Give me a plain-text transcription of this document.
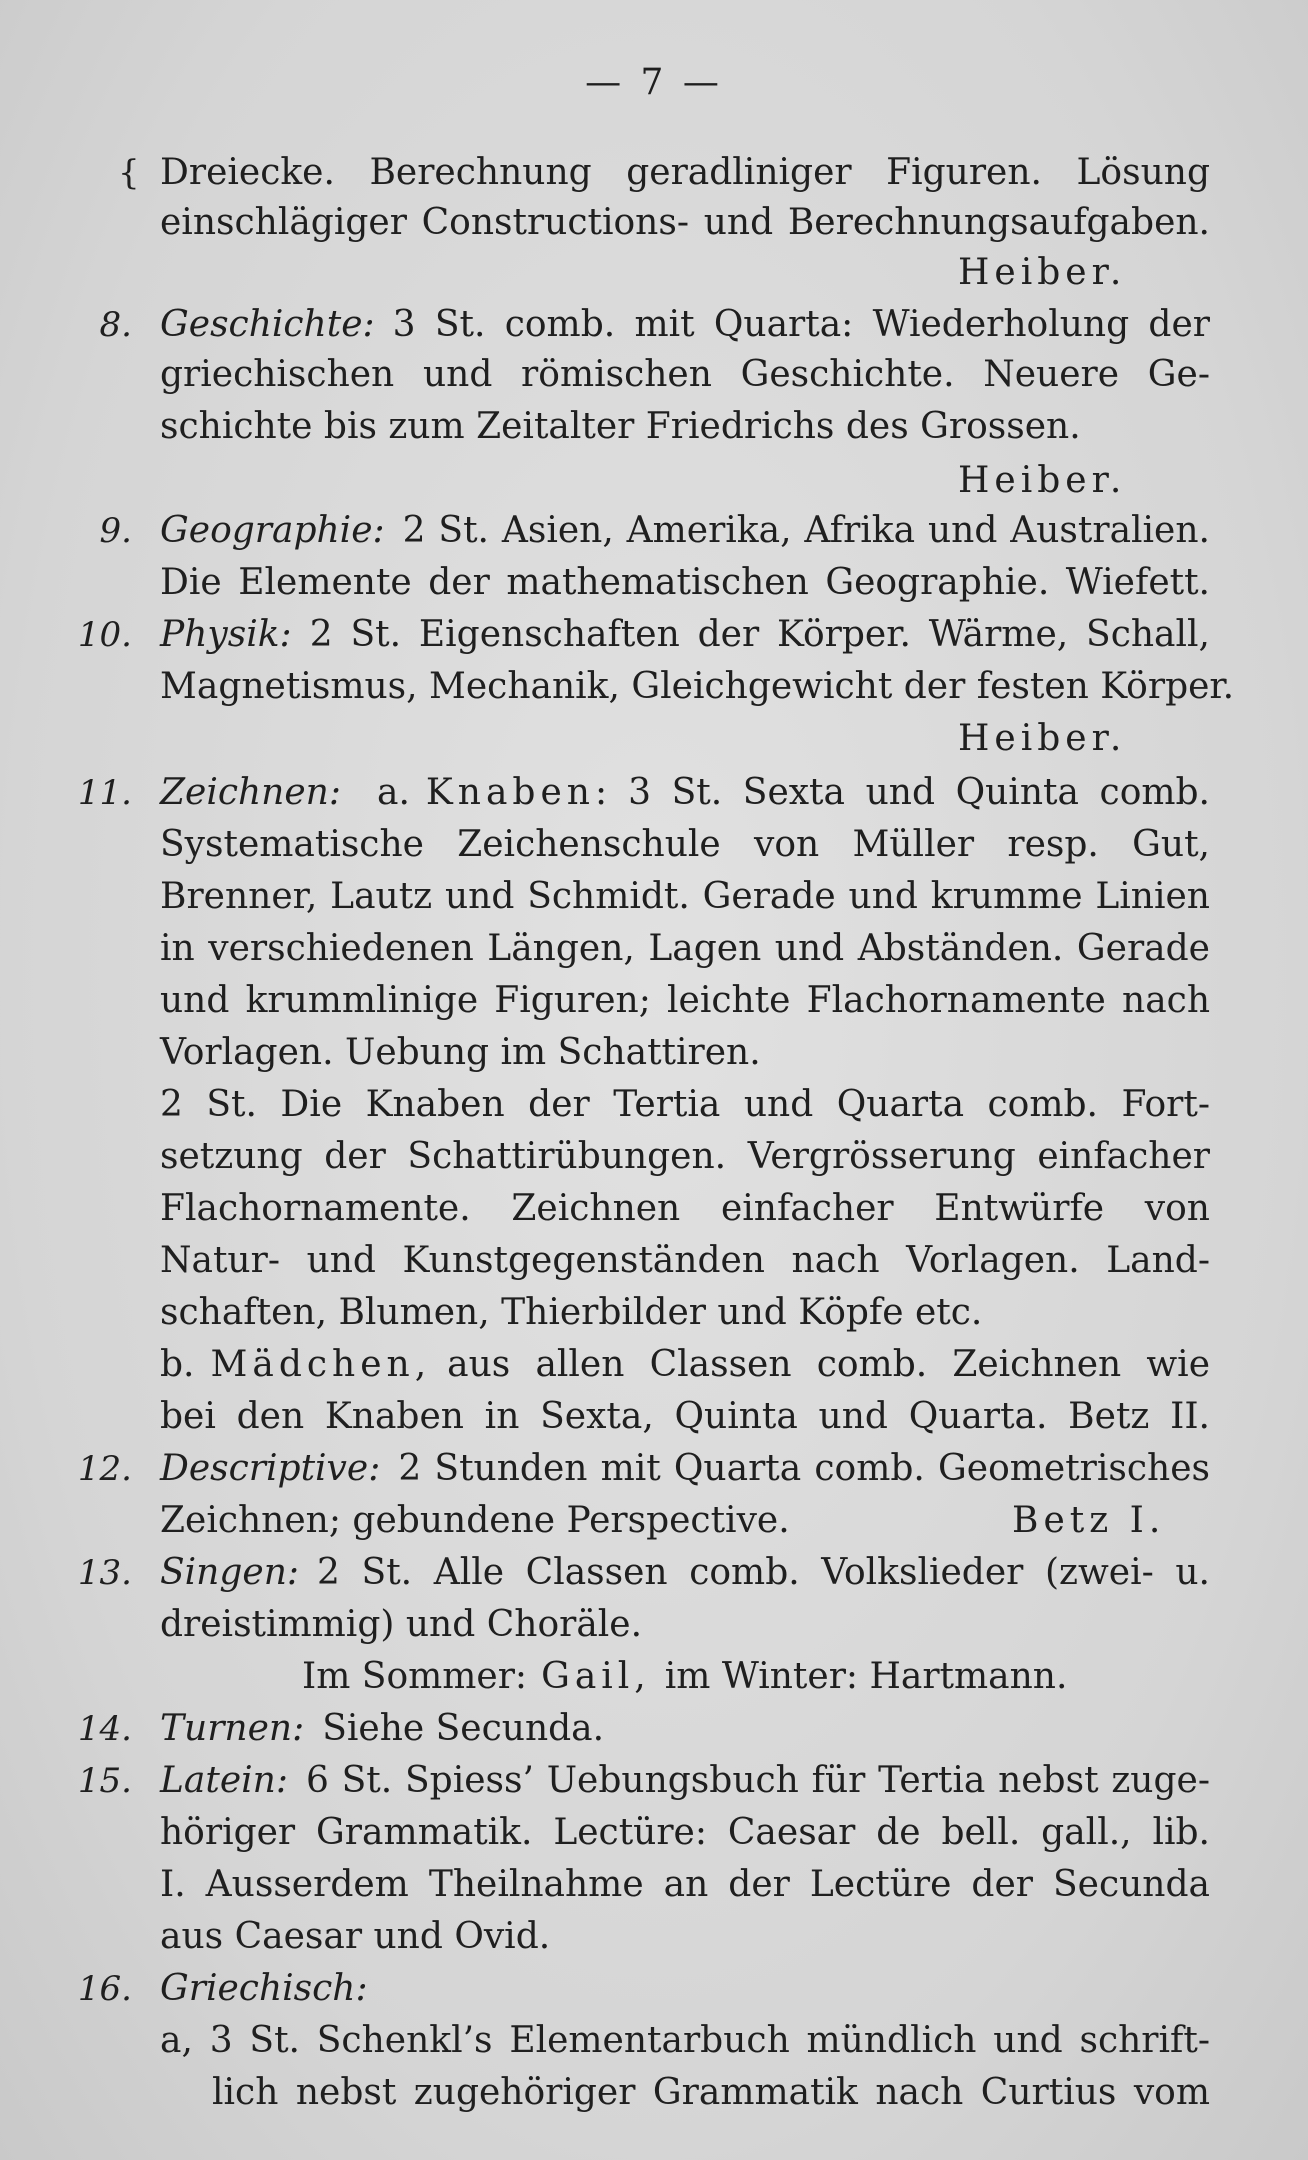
— 7 —
{ Dreiecke. Berechnung geradliniger Figuren. Lösung
einschlägiger Constructions- und Berechnungsaufgaben.
Heiber.
8. Geschichte: 3 St. comb. mit Quarta: Wiederholung der
griechischen und römischen Geschichte. Neuere Ge-
schichte bis zum Zeitalter Friedrichs des Grossen.
Heiber.
9. Geographie: 2 St. Asien, Amerika, Afrika und Australien.
Die Elemente der mathematischen Geographie. Wiefett.
10. Physik: 2 St. Eigenschaften der Körper. Wärme, Schall,
Magnetismus, Mechanik, Gleichgewicht der festen Körper.
Heiber.
11. Zeichnen: a. Knaben: 3 St. Sexta und Quinta comb.
Systematische Zeichenschule von Müller resp. Gut,
Brenner, Lautz und Schmidt. Gerade und krumme Linien
in verschiedenen Längen, Lagen und Abständen. Gerade
und krummlinige Figuren; leichte Flachornamente nach
Vorlagen. Uebung im Schattiren.
2 St. Die Knaben der Tertia und Quarta comb. Fort-
setzung der Schattirübungen. Vergrösserung einfacher
Flachornamente. Zeichnen einfacher Entwürfe von
Natur- und Kunstgegenständen nach Vorlagen. Land-
schaften, Blumen, Thierbilder und Köpfe etc.
b. Mädchen, aus allen Classen comb. Zeichnen wie
bei den Knaben in Sexta, Quinta und Quarta. Betz II.
12. Descriptive: 2 Stunden mit Quarta comb. Geometrisches
Zeichnen; gebundene Perspective.	Betz I.
13. Singen: 2 St. Alle Classen comb. Volkslieder (zwei- u.
dreistimmig) und Choräle.
Im Sommer: Gail, im Winter: Hartmann.
14. Turnen: Siehe Secunda.
15. Latein: 6 St. Spiess’ Uebungsbuch für Tertia nebst zuge-
höriger Grammatik. Lectüre: Caesar de bell. gall., lib.
I. Ausserdem Theilnahme an der Lectüre der Secunda
aus Caesar und Ovid.
16. Griechisch:
a, 3 St. Schenkl’s Elementarbuch mündlich und schrift-
lich nebst zugehöriger Grammatik nach Curtius vom
